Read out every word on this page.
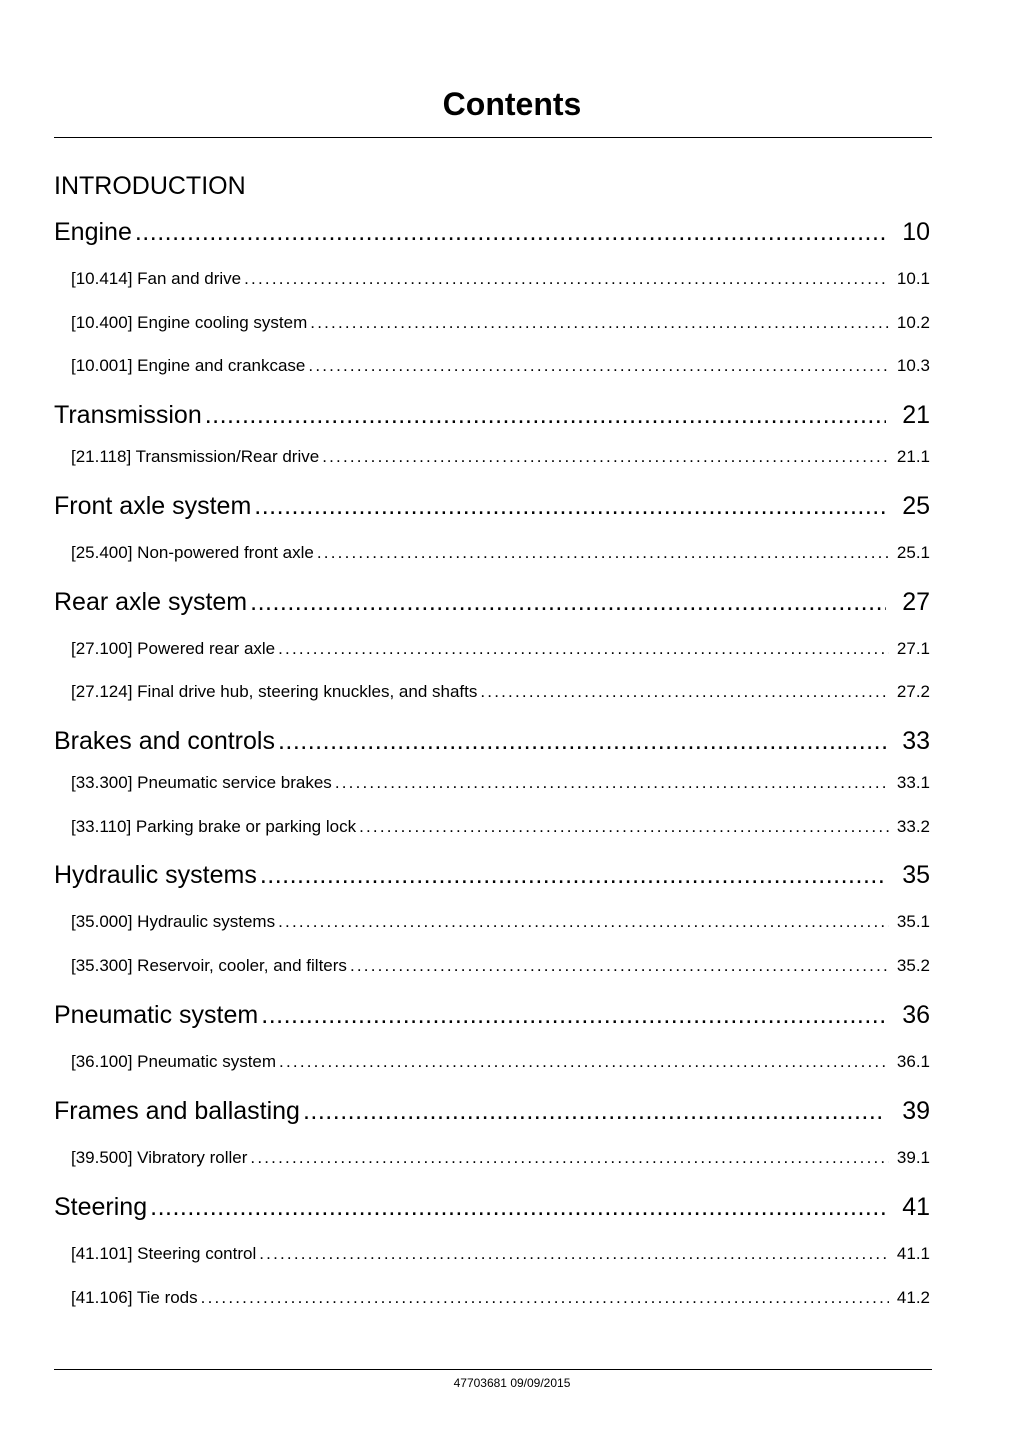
Contents
INTRODUCTION
Engine .....	10
[10.414] Fan and drive .....	10.1
[10.400] Engine cooling system .....	10.2
[10.001] Engine and crankcase .....	10.3
Transmission .....	21
[21.118] Transmission/Rear drive .....	21.1
Front axle system .....	25
[25.400] Non-powered front axle .....	25.1
Rear axle system .....	27
[27.100] Powered rear axle .....	27.1
[27.124] Final drive hub, steering knuckles, and shafts .....	27.2
Brakes and controls .....	33
[33.300] Pneumatic service brakes .....	33.1
[33.110] Parking brake or parking lock .....	33.2
Hydraulic systems .....	35
[35.000] Hydraulic systems .....	35.1
[35.300] Reservoir, cooler, and filters .....	35.2
Pneumatic system .....	36
[36.100] Pneumatic system .....	36.1
Frames and ballasting .....	39
[39.500] Vibratory roller .....	39.1
Steering .....	41
[41.101] Steering control .....	41.1
[41.106] Tie rods .....	41.2
47703681 09/09/2015
